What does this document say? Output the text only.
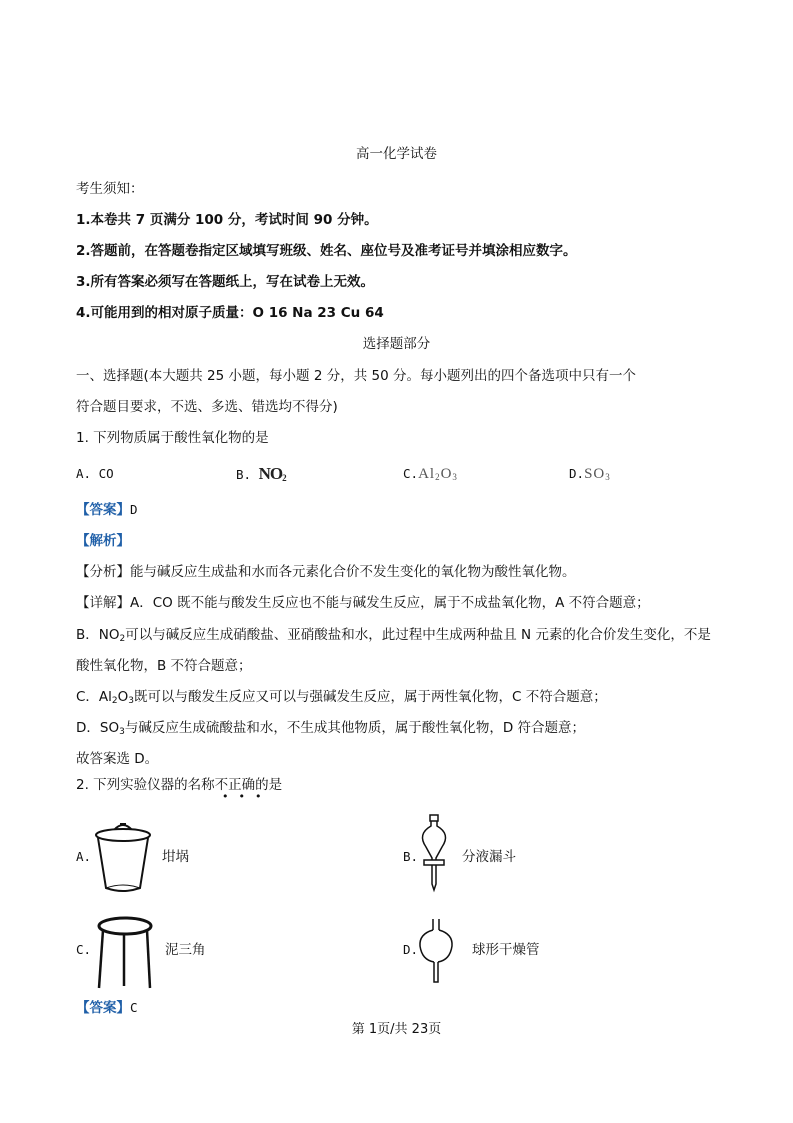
高一化学试卷
考生须知：
1.本卷共 7 页满分 100 分，考试时间 90 分钟。
2.答题前，在答题卷指定区域填写班级、姓名、座位号及准考证号并填涂相应数字。
3.所有答案必须写在答题纸上，写在试卷上无效。
4.可能用到的相对原子质量：O 16 Na 23 Cu 64
选择题部分
一、选择题(本大题共 25 小题，每小题 2 分，共 50 分。每小题列出的四个备选项中只有一个
符合题目要求，不选、多选、错选均不得分)
1. 下列物质属于酸性氧化物的是
A. CO	B. $NO_2$	$C.Al_2O_3$	$D.SO_3$
【答案】D
【解析】
【分析】能与碱反应生成盐和水而各元素化合价不发生变化的氧化物为酸性氧化物。
【详解】A．CO 既不能与酸发生反应也不能与碱发生反应，属于不成盐氧化物，A 不符合题意；
B．$NO_2$可以与碱反应生成硝酸盐、亚硝酸盐和水，此过程中生成两种盐且 N 元素的化合价发生变化，不是
酸性氧化物，B 不符合题意；
C．$Al_2O_3$既可以与酸发生反应又可以与强碱发生反应，属于两性氧化物，C 不符合题意；
D．$SO_3$与碱反应生成硫酸盐和水，不生成其他物质，属于酸性氧化物，D 符合题意；
故答案选 D。
2. 下列实验仪器的名称不正确的是
•••
A.	坩埚	B.	分液漏斗
C.	泥三角	D.	球形干燥管
【答案】C
第 1页/共 23页
